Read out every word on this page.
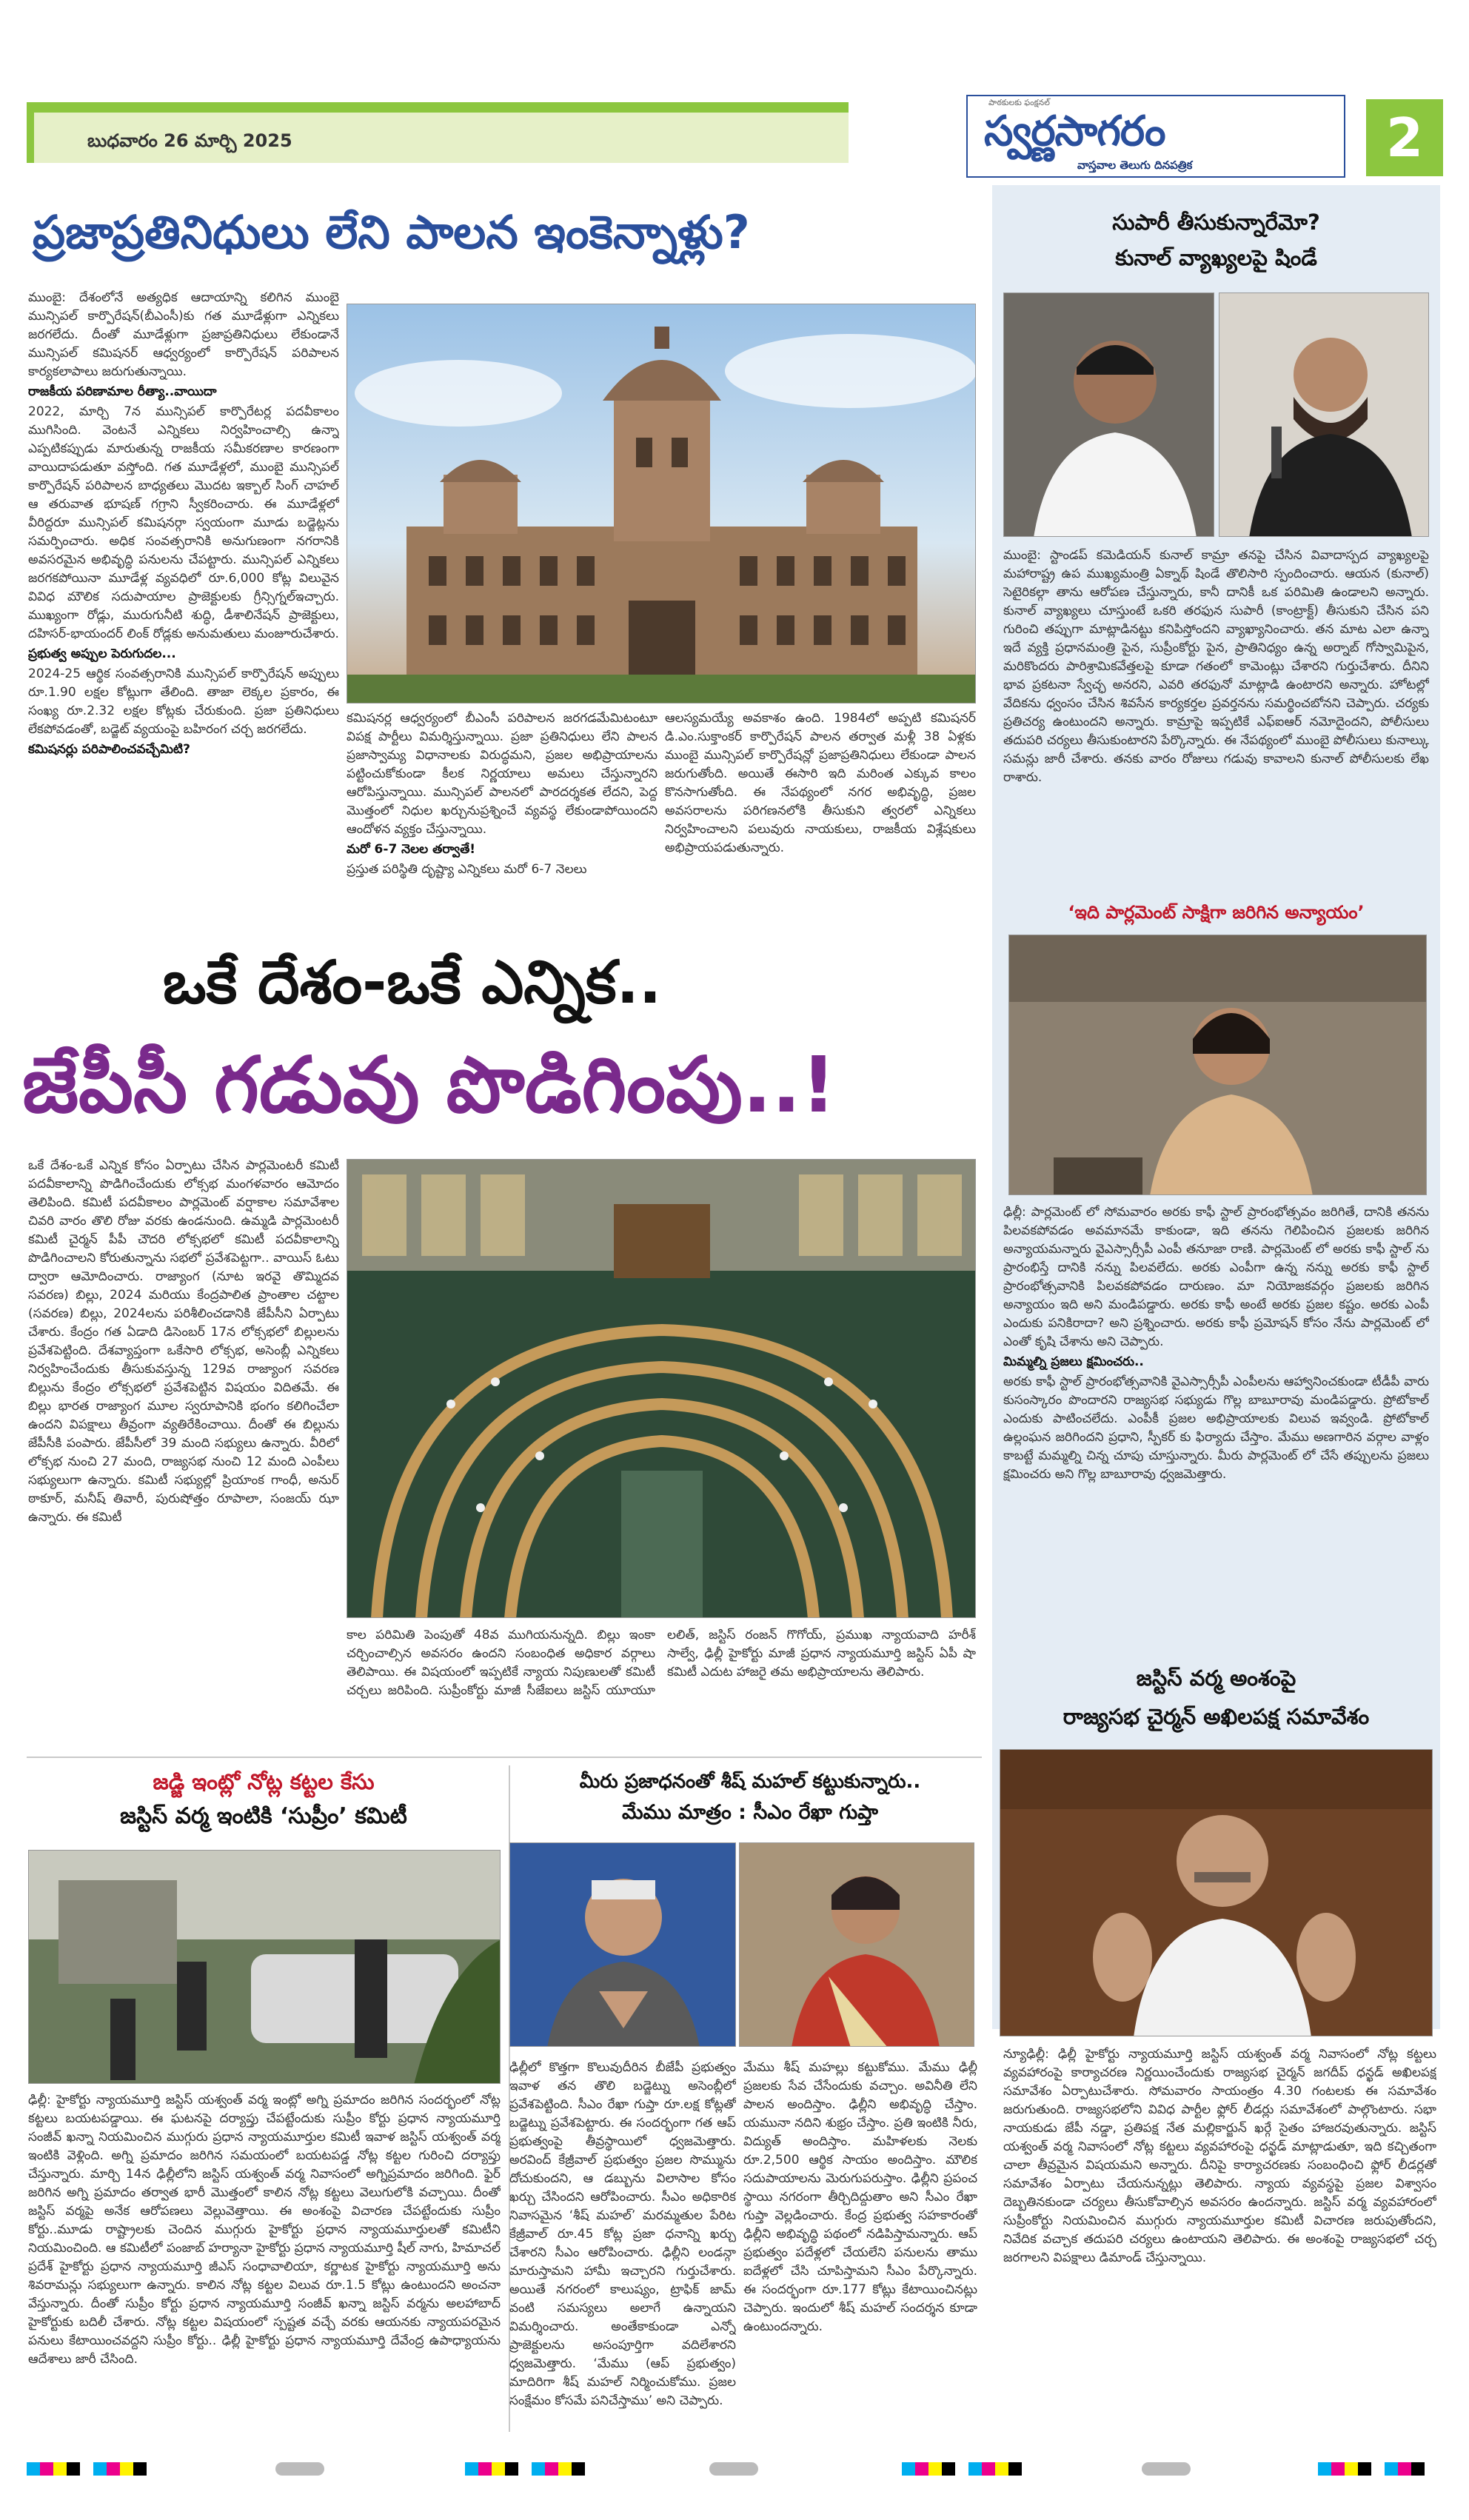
బుధవారం 26 మార్చి 2025
పాఠకులకు ఫంక్షనల్
స్వర్ణసాగరం
వాస్తవాల తెలుగు దినపత్రిక	2
ప్రజాప్రతినిధులు లేని పాలన ఇంకెన్నాళ్లు?

ముంబై: దేశంలోనే అత్యధిక ఆదాయాన్ని కలిగిన ముంబై మున్సిపల్ కార్పొరేషన్(బీఎంసీ)కు గత మూడేళ్లుగా ఎన్నికలు జరగలేదు. దీంతో మూడేళ్లుగా ప్రజాప్రతినిధులు లేకుండానే మున్సిపల్ కమిషనర్ ఆధ్వర్యంలో కార్పొరేషన్ పరిపాలన కార్యకలాపాలు జరుగుతున్నాయి.

రాజకీయ పరిణామాల రీత్యా..వాయిదా

2022, మార్చి 7న మున్సిపల్ కార్పొరేటర్ల పదవీకాలం ముగిసింది. వెంటనే ఎన్నికలు నిర్వహించాల్సి ఉన్నా ఎప్పటికప్పుడు మారుతున్న రాజకీయ సమీకరణాల కారణంగా వాయిదాపడుతూ వస్తోంది. గత మూడేళ్లలో, ముంబై మున్సిపల్ కార్పొరేషన్ పరిపాలన బాధ్యతలు మొదట ఇక్బాల్ సింగ్ చాహల్ ఆ తరువాత భూషణ్ గగ్రాని స్వీకరించారు. ఈ మూడేళ్లలో వీరిద్దరూ మున్సిపల్ కమిషనర్గా స్వయంగా మూడు బడ్జెట్లను సమర్పించారు. అధిక సంవత్సరానికి అనుగుణంగా నగరానికి అవసరమైన అభివృద్ధి పనులను చేపట్టారు. మున్సిపల్ ఎన్నికలు జరగకపోయినా మూడేళ్ల వ్యవధిలో రూ.6,000 కోట్ల విలువైన వివిధ మౌలిక సదుపాయాల ప్రాజెక్టులకు గ్రీన్సిగ్నల్ఇచ్చారు. ముఖ్యంగా రోడ్లు, మురుగునీటి శుద్ధి, డీశాలినేషన్ ప్రాజెక్టులు, దహిసర్-భాయందర్ లింక్ రోడ్లకు అనుమతులు మంజూరుచేశారు.

ప్రభుత్వ అప్పుల పెరుగుదల...

2024-25 ఆర్థిక సంవత్సరానికి మున్సిపల్ కార్పొరేషన్ అప్పులు రూ.1.90 లక్షల కోట్లుగా తేలింది. తాజా లెక్కల ప్రకారం, ఈ సంఖ్య రూ.2.32 లక్షల కోట్లకు చేరుకుంది. ప్రజా ప్రతినిధులు లేకపోవడంతో, బడ్జెట్ వ్యయంపై బహిరంగ చర్చ జరగలేదు.

కమిషనర్లు పరిపాలించవచ్చేమిటి?

కమిషనర్ల ఆధ్వర్యంలో బీఎంసీ పరిపాలన జరగడమేమిటంటూ విపక్ష పార్టీలు విమర్శిస్తున్నాయి. ప్రజా ప్రతినిధులు లేని పాలన ప్రజాస్వామ్య విధానాలకు విరుద్ధమని, ప్రజల అభిప్రాయాలను పట్టించుకోకుండా కీలక నిర్ణయాలు అమలు చేస్తున్నారని ఆరోపిస్తున్నాయి. మున్సిపల్ పాలనలో పారదర్శకత లేదని, పెద్ద మొత్తంలో నిధుల ఖర్చునుప్రశ్నించే వ్యవస్థ లేకుండాపోయిందని ఆందోళన వ్యక్తం చేస్తున్నాయి.

మరో 6-7 నెలల తర్వాతే!

ప్రస్తుత పరిస్థితి దృష్ట్యా ఎన్నికలు మరో 6-7 నెలలు

ఆలస్యమయ్యే అవకాశం ఉంది. 1984లో అప్పటి కమిషనర్ డి.ఎం.సుక్తాంకర్ కార్పొరేషన్ పాలన తర్వాత మళ్లీ 38 ఏళ్లకు ముంబై మున్సిపల్ కార్పొరేషన్లో ప్రజాప్రతినిధులు లేకుండా పాలన జరుగుతోంది. అయితే ఈసారి ఇది మరింత ఎక్కువ కాలం కొనసాగుతోంది. ఈ నేపథ్యంలో నగర అభివృద్ధి, ప్రజల అవసరాలను పరిగణనలోకి తీసుకుని త్వరలో ఎన్నికలు నిర్వహించాలని పలువురు నాయకులు, రాజకీయ విశ్లేషకులు అభిప్రాయపడుతున్నారు.

ఒకే దేశం-ఒకే ఎన్నిక..
జేపీసీ గడువు పొడిగింపు..!

ఒకే దేశం-ఒకే ఎన్నిక కోసం ఏర్పాటు చేసిన పార్లమెంటరీ కమిటీ పదవీకాలాన్ని పొడిగించేందుకు లోక్సభ మంగళవారం ఆమోదం తెలిపింది. కమిటీ పదవీకాలం పార్లమెంట్ వర్షాకాల సమావేశాల చివరి వారం తొలి రోజు వరకు ఉండనుంది. ఉమ్మడి పార్లమెంటరీ కమిటీ చైర్మన్ పీపీ చౌదరి లోక్సభలో కమిటీ పదవీకాలాన్ని పొడిగించాలని కోరుతున్నాను సభలో ప్రవేశపెట్టగా.. వాయిస్ ఓటు ద్వారా ఆమోదించారు. రాజ్యాంగ (నూట ఇరవై తొమ్మిదవ సవరణ) బిల్లు, 2024 మరియు కేంద్రపాలిత ప్రాంతాల చట్టాల (సవరణ) బిల్లు, 2024లను పరిశీలించడానికి జేపీసీని ఏర్పాటు చేశారు. కేంద్రం గత ఏడాది డిసెంబర్ 17న లోక్సభలో బిల్లులను ప్రవేశపెట్టింది. దేశవ్యాప్తంగా ఒకేసారి లోక్సభ, అసెంబ్లీ ఎన్నికలు నిర్వహించేందుకు తీసుకువస్తున్న 129వ రాజ్యాంగ సవరణ బిల్లును కేంద్రం లోక్సభలో ప్రవేశపెట్టిన విషయం విదితమే. ఈ బిల్లు భారత రాజ్యాంగ మూల స్వరూపానికి భంగం కలిగించేలా ఉందని విపక్షాలు తీవ్రంగా వ్యతిరేకించాయి. దీంతో ఈ బిల్లును జేపీసీకి పంపారు. జేపీసీలో 39 మంది సభ్యులు ఉన్నారు. వీరిలో లోక్సభ నుంచి 27 మంది, రాజ్యసభ నుంచి 12 మంది ఎంపీలు సభ్యులుగా ఉన్నారు. కమిటీ సభ్యుల్లో ప్రియాంక గాంధీ, అనుర్ ఠాకూర్, మనీష్ తివారీ, పురుషోత్తం రూపాలా, సంజయ్ ఝా ఉన్నారు. ఈ కమిటీ

కాల పరిమితి పెంపుతో 48వ ముగియనున్నది. బిల్లు ఇంకా చర్చించాల్సిన అవసరం ఉందని సంబంధిత అధికార వర్గాలు తెలిపాయి. ఈ విషయంలో ఇప్పటికే న్యాయ నిపుణులతో కమిటీ చర్చలు జరిపింది. సుప్రీంకోర్టు మాజీ సీజేఐలు జస్టిస్ యూయూ లలిత్, జస్టిస్ రంజన్ గొగోయ్, ప్రముఖ న్యాయవాది హరీశ్ సాల్వే, ఢిల్లీ హైకోర్టు మాజీ ప్రధాన న్యాయమూర్తి జస్టిస్ ఏపీ షా కమిటీ ఎదుట హాజరై తమ అభిప్రాయాలను తెలిపారు.

జడ్జి ఇంట్లో నోట్ల కట్టల కేసు
జస్టిస్ వర్మ ఇంటికి ‘సుప్రీం’ కమిటీ

ఢిల్లీ: హైకోర్టు న్యాయమూర్తి జస్టిస్ యశ్వంత్ వర్మ ఇంట్లో అగ్ని ప్రమాదం జరిగిన సందర్భంలో నోట్ల కట్టలు బయటపడ్డాయి. ఈ ఘటనపై దర్యాప్తు చేపట్టేందుకు సుప్రీం కోర్టు ప్రధాన న్యాయమూర్తి సంజీవ్ ఖన్నా నియమించిన ముగ్గురు ప్రధాన న్యాయమూర్తుల కమిటీ ఇవాళ జస్టిస్ యశ్వంత్ వర్మ ఇంటికి వెళ్లింది. అగ్ని ప్రమాదం జరిగిన సమయంలో బయటపడ్డ నోట్ల కట్టల గురించి దర్యాప్తు చేస్తున్నారు. మార్చి 14న ఢిల్లీలోని జస్టిస్ యశ్వంత్ వర్మ నివాసంలో అగ్నిప్రమాదం జరిగింది. ఫైర్ జరిగిన అగ్ని ప్రమాదం తర్వాత భారీ మొత్తంలో కాలిన నోట్ల కట్టలు వెలుగులోకి వచ్చాయి. దీంతో జస్టిస్ వర్మపై అనేక ఆరోపణలు వెల్లువెత్తాయి. ఈ అంశంపై విచారణ చేపట్టేందుకు సుప్రీం కోర్టు..మూడు రాష్ట్రాలకు చెందిన ముగ్గురు హైకోర్టు ప్రధాన న్యాయమూర్తులతో కమిటీని నియమించింది. ఆ కమిటీలో పంజాబ్ హర్యానా హైకోర్టు ప్రధాన న్యాయమూర్తి షీల్ నాగు, హిమాచల్ ప్రదేశ్ హైకోర్టు ప్రధాన న్యాయమూర్తి జీఎస్ సంధావాలియా, కర్ణాటక హైకోర్టు న్యాయమూర్తి అను శివరామన్లు సభ్యులుగా ఉన్నారు. కాలిన నోట్ల కట్టల విలువ రూ.1.5 కోట్లు ఉంటుందని అంచనా వేస్తున్నారు. దీంతో సుప్రీం కోర్టు ప్రధాన న్యాయమూర్తి సంజీవ్ ఖన్నా జస్టిస్ వర్మను అలహాబాద్ హైకోర్టుకు బదిలీ చేశారు. నోట్ల కట్టల విషయంలో స్పష్టత వచ్చే వరకు ఆయనకు న్యాయపరమైన పనులు కేటాయించవద్దని సుప్రీం కోర్టు.. ఢిల్లీ హైకోర్టు ప్రధాన న్యాయమూర్తి దేవేంద్ర ఉపాధ్యాయను ఆదేశాలు జారీ చేసింది.

మీరు ప్రజాధనంతో శీష్ మహల్ కట్టుకున్నారు..
మేము మాత్రం : సీఎం రేఖా గుప్తా

ఢిల్లీలో కొత్తగా కొలువుదీరిన బీజేపీ ప్రభుత్వం ఇవాళ తన తొలి బడ్జెట్ను అసెంబ్లీలో ప్రవేశపెట్టింది. సీఎం రేఖా గుప్తా రూ.లక్ష కోట్లతో బడ్జెట్ను ప్రవేశపెట్టారు. ఈ సందర్భంగా గత ఆప్ ప్రభుత్వంపై తీవ్రస్థాయిలో ధ్వజమెత్తారు. అరవింద్ కేజ్రీవాల్ ప్రభుత్వం ప్రజల సొమ్మును దోచుకుందని, ఆ డబ్బును విలాసాల కోసం ఖర్చు చేసిందని ఆరోపించారు. సీఎం అధికారిక నివాసమైన ‘శీష్ మహల్’ మరమ్మతుల పేరిట కేజ్రీవాల్ రూ.45 కోట్ల ప్రజా ధనాన్ని ఖర్చు చేశారని సీఎం ఆరోపించారు. ఢిల్లీని లండన్గా మారుస్తామని హామీ ఇచ్చారని గుర్తుచేశారు. అయితే నగరంలో కాలుష్యం, ట్రాఫిక్ జామ్ వంటి సమస్యలు అలాగే ఉన్నాయని విమర్శించారు. అంతేకాకుండా ఎన్నో ప్రాజెక్టులను అసంపూర్తిగా వదిలేశారని ధ్వజమెత్తారు. ‘మేము (ఆప్ ప్రభుత్వం) మాదిరిగా శీష్ మహల్ నిర్మించుకోము. ప్రజల సంక్షేమం కోసమే పనిచేస్తాము’ అని చెప్పారు.

మేము శీష్ మహల్లు కట్టుకోము. మేము ఢిల్లీ ప్రజలకు సేవ చేసేందుకు వచ్చాం. అవినీతి లేని పాలన అందిస్తాం. ఢిల్లీని అభివృద్ధి చేస్తాం. యమునా నదిని శుభ్రం చేస్తాం. ప్రతి ఇంటికి నీరు, విద్యుత్ అందిస్తాం. మహిళలకు నెలకు రూ.2,500 ఆర్థిక సాయం అందిస్తాం. మౌలిక సదుపాయాలను మెరుగుపరుస్తాం. ఢిల్లీని ప్రపంచ స్థాయి నగరంగా తీర్చిదిద్దుతాం అని సీఎం రేఖా గుప్తా వెల్లడించారు. కేంద్ర ప్రభుత్వ సహకారంతో ఢిల్లీని అభివృద్ధి పథంలో నడిపిస్తామన్నారు. ఆప్ ప్రభుత్వం పదేళ్లలో చేయలేని పనులను తాము ఐదేళ్లలో చేసి చూపిస్తామని సీఎం పేర్కొన్నారు. ఈ సందర్భంగా రూ.177 కోట్లు కేటాయించినట్లు చెప్పారు. ఇందులో శీష్ మహల్ సందర్శన కూడా ఉంటుందన్నారు.

సుపారీ తీసుకున్నారేమో?
కునాల్ వ్యాఖ్యలపై షిండే

ముంబై: స్టాండప్ కమెడియన్ కునాల్ కామ్రా తనపై చేసిన వివాదాస్పద వ్యాఖ్యలపై మహారాష్ట్ర ఉప ముఖ్యమంత్రి ఏక్నాథ్ షిండే తొలిసారి స్పందించారు. ఆయన (కునాల్) సెటైరికల్గా తాను ఆరోపణ చేస్తున్నారు, కానీ దానికీ ఒక పరిమితి ఉండాలని అన్నారు. కునాల్ వ్యాఖ్యలు చూస్తుంటే ఒకరి తరఫున సుపారీ (కాంట్రాక్ట్) తీసుకుని చేసిన పని గురించి తప్పుగా మాట్లాడినట్టు కనిపిస్తోందని వ్యాఖ్యానించారు. తన మాట ఎలా ఉన్నా ఇదే వ్యక్తి ప్రధానమంత్రి పైన, సుప్రీంకోర్టు పైన, ప్రాతినిధ్యం ఉన్న అర్నాబ్ గోస్వామిపైన, మరికొందరు పారిశ్రామికవేత్తలపై కూడా గతంలో కామెంట్లు చేశారని గుర్తుచేశారు. దీనిని భావ ప్రకటనా స్వేచ్ఛ అనరని, ఎవరి తరఫునో మాట్లాడి ఉంటారని అన్నారు. హోటల్లో వేదికను ధ్వంసం చేసిన శివసేన కార్యకర్తల ప్రవర్తనను సమర్థించబోనని చెప్పారు. చర్యకు ప్రతిచర్య ఉంటుందని అన్నారు. కామ్రాపై ఇప్పటికే ఎఫ్ఐఆర్ నమోదైందని, పోలీసులు తదుపరి చర్యలు తీసుకుంటారని పేర్కొన్నారు. ఈ నేపథ్యంలో ముంబై పోలీసులు కునాల్కు సమన్లు జారీ చేశారు. తనకు వారం రోజులు గడువు కావాలని కునాల్ పోలీసులకు లేఖ రాశారు.

‘ఇది పార్లమెంట్ సాక్షిగా జరిగిన అన్యాయం’

ఢిల్లీ: పార్లమెంట్ లో సోమవారం అరకు కాఫీ స్టాల్ ప్రారంభోత్సవం జరిగితే, దానికి తనను పిలవకపోవడం అవమానమే కాకుండా, ఇది తనను గెలిపించిన ప్రజలకు జరిగిన అన్యాయమన్నారు వైఎస్సార్సీపీ ఎంపీ తనూజా రాణి. పార్లమెంట్ లో అరకు కాఫీ స్టాల్ ను ప్రారంభిస్తే దానికి నన్ను పిలవలేదు. అరకు ఎంపీగా ఉన్న నన్ను అరకు కాఫీ స్టాల్ ప్రారంభోత్సవానికి పిలవకపోవడం దారుణం. మా నియోజకవర్గం ప్రజలకు జరిగిన అన్యాయం ఇది అని మండిపడ్డారు. అరకు కాఫీ అంటే అరకు ప్రజల కష్టం. అరకు ఎంపీ ఎందుకు పనికిరాదా? అని ప్రశ్నించారు. అరకు కాఫీ ప్రమోషన్ కోసం నేను పార్లమెంట్ లో ఎంతో కృషి చేశాను అని చెప్పారు.

మిమ్మల్ని ప్రజలు క్షమించరు..

అరకు కాఫీ స్టాల్ ప్రారంభోత్సవానికి వైఎస్సార్సీపీ ఎంపీలను ఆహ్వానించకుండా టీడీపీ వారు కుసంస్కారం పొందారని రాజ్యసభ సభ్యుడు గొల్ల బాబూరావు మండిపడ్డారు. ప్రోటోకాల్ ఎందుకు పాటించలేదు. ఎంపీకీ ప్రజల అభిప్రాయాలకు విలువ ఇవ్వండి. ప్రోటోకాల్ ఉల్లంఘన జరిగిందని ప్రధాని, స్పీకర్ కు ఫిర్యాదు చేస్తాం. మేము అణగారిన వర్గాల వాళ్లం కాబట్టే మమ్మల్ని చిన్న చూపు చూస్తున్నారు. మీరు పార్లమెంట్ లో చేసే తప్పులను ప్రజలు క్షమించరు అని గొల్ల బాబూరావు ధ్వజమెత్తారు.

జస్టిస్ వర్మ అంశంపై
రాజ్యసభ చైర్మన్ అఖిలపక్ష సమావేశం

న్యూఢిల్లీ: ఢిల్లీ హైకోర్టు న్యాయమూర్తి జస్టిస్ యశ్వంత్ వర్మ నివాసంలో నోట్ల కట్టలు వ్యవహారంపై కార్యాచరణ నిర్ణయించేందుకు రాజ్యసభ చైర్మన్ జగదీప్ ధన్ఖడ్ అఖిలపక్ష సమావేశం ఏర్పాటుచేశారు. సోమవారం సాయంత్రం 4.30 గంటలకు ఈ సమావేశం జరుగుతుంది. రాజ్యసభలోని వివిధ పార్టీల ఫ్లోర్ లీడర్లు సమావేశంలో పాల్గొంటారు. సభా నాయకుడు జేపీ నడ్డా, ప్రతిపక్ష నేత మల్లికార్జున్ ఖర్గే సైతం హాజరవుతున్నారు. జస్టిస్ యశ్వంత్ వర్మ నివాసంలో నోట్ల కట్టలు వ్యవహారంపై ధన్ఖడ్ మాట్లాడుతూ, ఇది కచ్చితంగా చాలా తీవ్రమైన విషయమని అన్నారు. దీనిపై కార్యాచరణకు సంబంధించి ఫ్లోర్ లీడర్లతో సమావేశం ఏర్పాటు చేయనున్నట్లు తెలిపారు. న్యాయ వ్యవస్థపై ప్రజల విశ్వాసం దెబ్బతినకుండా చర్యలు తీసుకోవాల్సిన అవసరం ఉందన్నారు. జస్టిస్ వర్మ వ్యవహారంలో సుప్రీంకోర్టు నియమించిన ముగ్గురు న్యాయమూర్తుల కమిటీ విచారణ జరుపుతోందని, నివేదిక వచ్చాక తదుపరి చర్యలు ఉంటాయని తెలిపారు. ఈ అంశంపై రాజ్యసభలో చర్చ జరగాలని విపక్షాలు డిమాండ్ చేస్తున్నాయి.
